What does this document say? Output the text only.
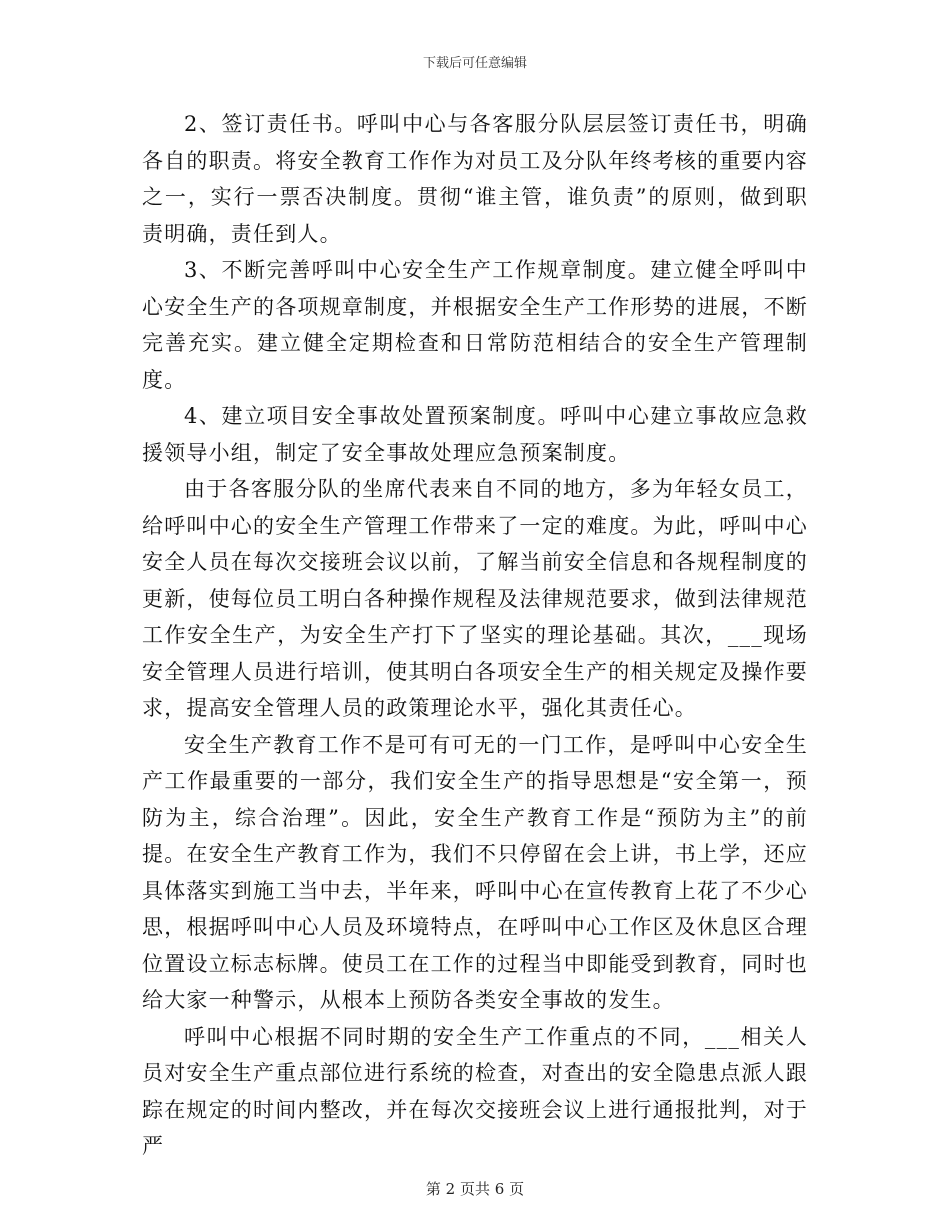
下载后可任意编辑

2、签订责任书。呼叫中心与各客服分队层层签订责任书，明确各自的职责。将安全教育工作作为对员工及分队年终考核的重要内容之一，实行一票否决制度。贯彻“谁主管，谁负责”的原则，做到职责明确，责任到人。

3、不断完善呼叫中心安全生产工作规章制度。建立健全呼叫中心安全生产的各项规章制度，并根据安全生产工作形势的进展，不断完善充实。建立健全定期检查和日常防范相结合的安全生产管理制度。

4、建立项目安全事故处置预案制度。呼叫中心建立事故应急救援领导小组，制定了安全事故处理应急预案制度。

由于各客服分队的坐席代表来自不同的地方，多为年轻女员工，给呼叫中心的安全生产管理工作带来了一定的难度。为此，呼叫中心安全人员在每次交接班会议以前，了解当前安全信息和各规程制度的更新，使每位员工明白各种操作规程及法律规范要求，做到法律规范工作安全生产，为安全生产打下了坚实的理论基础。其次，___现场安全管理人员进行培训，使其明白各项安全生产的相关规定及操作要求，提高安全管理人员的政策理论水平，强化其责任心。

安全生产教育工作不是可有可无的一门工作，是呼叫中心安全生产工作最重要的一部分，我们安全生产的指导思想是“安全第一，预防为主，综合治理”。因此，安全生产教育工作是“预防为主”的前提。在安全生产教育工作为，我们不只停留在会上讲，书上学，还应具体落实到施工当中去，半年来，呼叫中心在宣传教育上花了不少心思，根据呼叫中心人员及环境特点，在呼叫中心工作区及休息区合理位置设立标志标牌。使员工在工作的过程当中即能受到教育，同时也给大家一种警示，从根本上预防各类安全事故的发生。

呼叫中心根据不同时期的安全生产工作重点的不同，___相关人员对安全生产重点部位进行系统的检查，对查出的安全隐患点派人跟踪在规定的时间内整改，并在每次交接班会议上进行通报批判，对于严

第 2 页共 6 页
